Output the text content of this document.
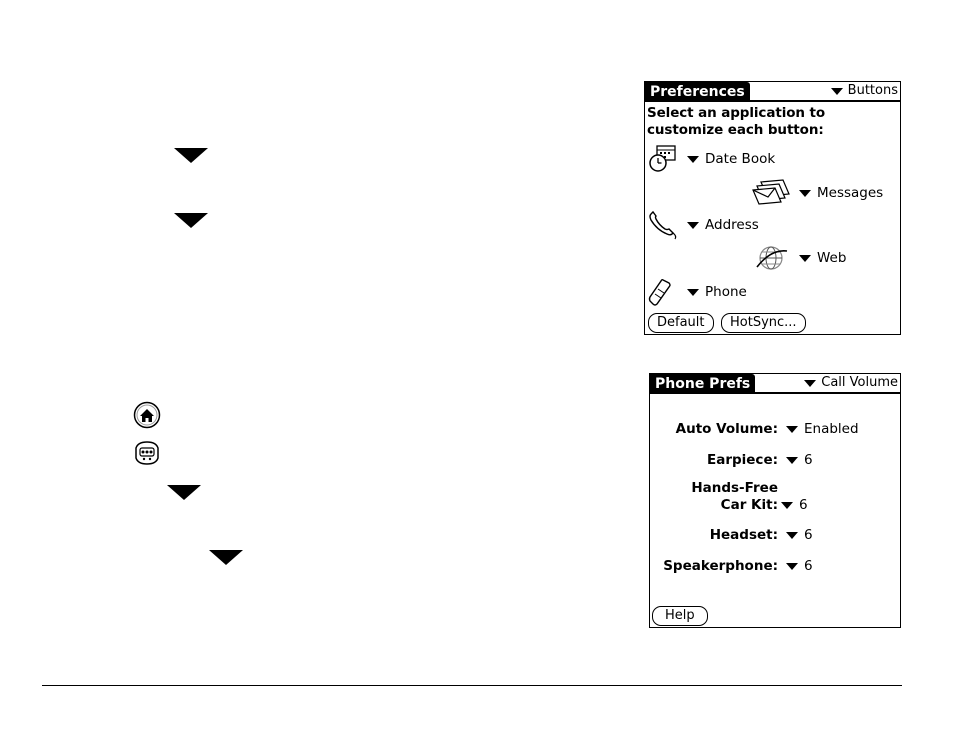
Preferences	Buttons
Select an application to
customize each button:
Date Book
Messages
Address
Web
Phone
Default	HotSync...
Phone Prefs	Call Volume
Auto Volume: Enabled
Earpiece: 6
Hands-Free
Car Kit: 6
Headset: 6
Speakerphone: 6
Help
